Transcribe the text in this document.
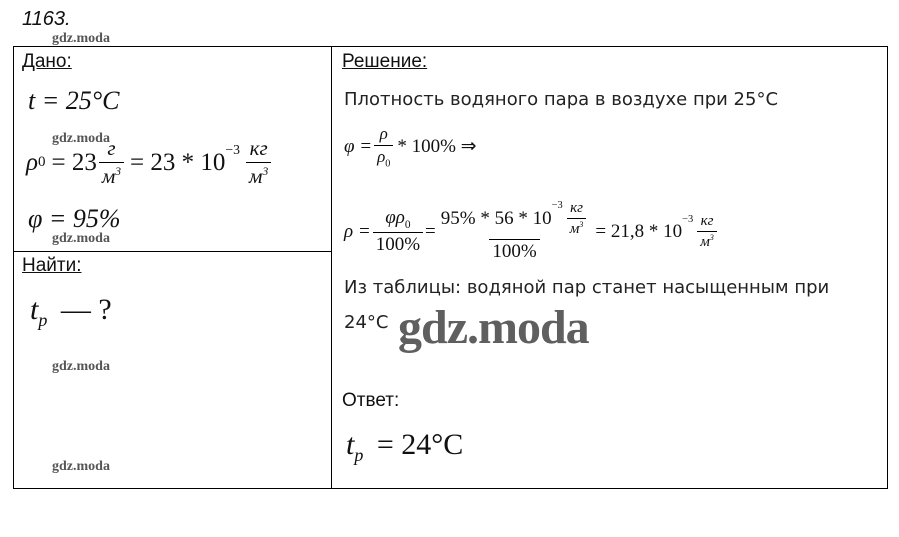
1163.
gdz.moda
gdz.moda
gdz.moda
gdz.moda
gdz.moda
Дано:
t = 25°C
ρ $0 = 23 \frac{г}{м^3} = 23 * 10^{-3} \frac{кг}{м^3}$
φ = 95%
Найти:
$t_р$ — ?
Решение:
Плотность водяного пара в воздухе при 25°C
$\varphi = \frac{\rho}{\rho_0} * 100\%$ ⇒
$\rho = \frac{\varphi\rho_0}{100\%} = 95\% * 56 * 10$
$^{-3} \frac{кг}{м^3}$
100% = 21,8 * 10
$^{-3} \frac{кг}{м^3}$
Из таблицы: водяной пар станет насыщенным при
24°C gdz.moda
Ответ:
$t_р = 24^\circ C$
